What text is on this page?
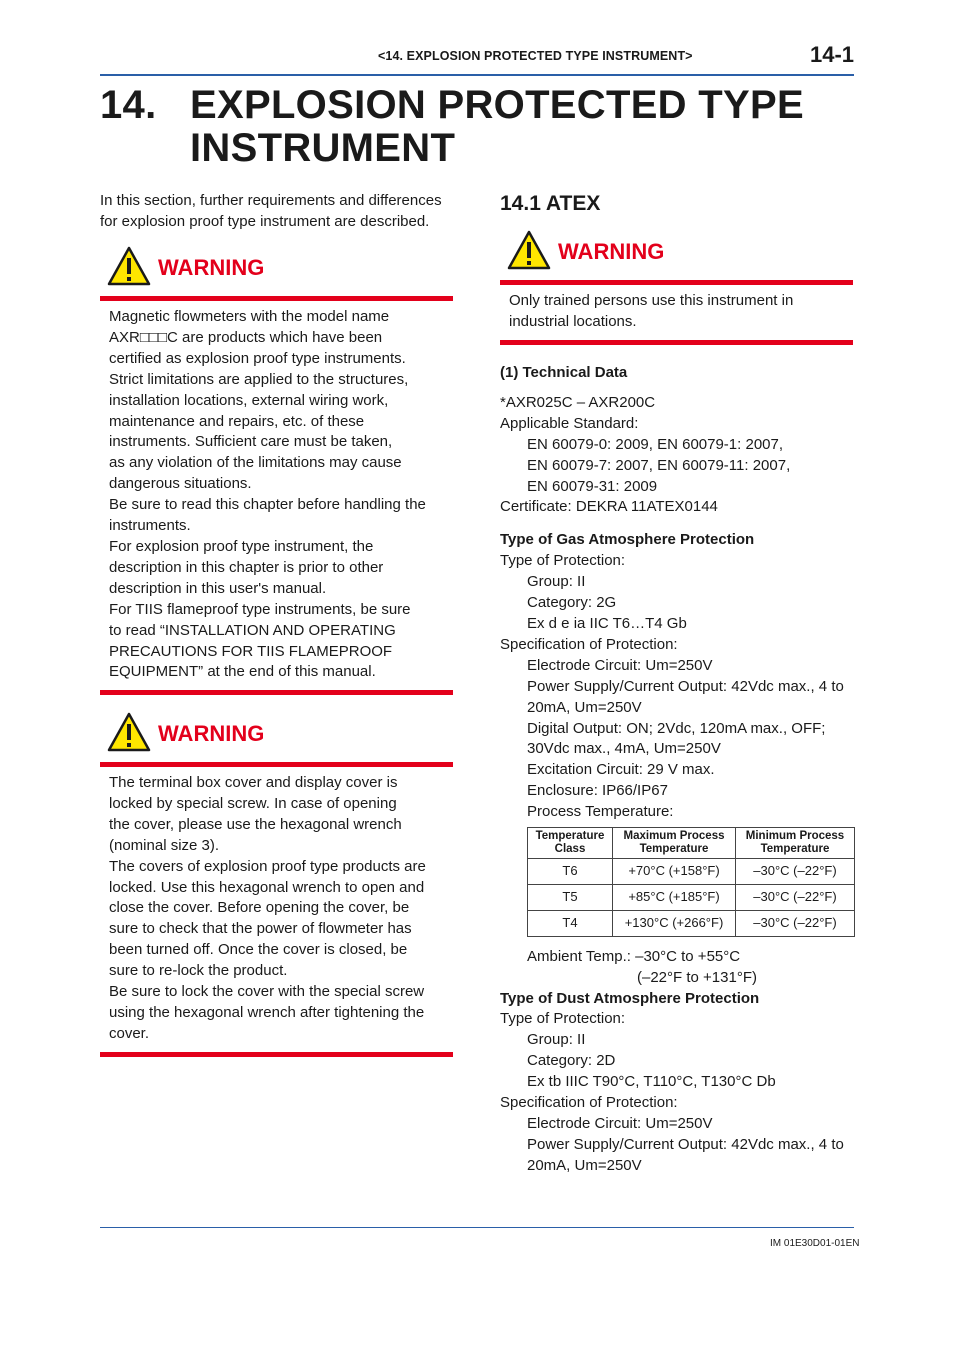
<14. EXPLOSION PROTECTED TYPE INSTRUMENT>	14-1
14. EXPLOSION PROTECTED TYPE INSTRUMENT
In this section, further requirements and differences for explosion proof type instrument are described.
WARNING
Magnetic flowmeters with the model name
AXR□□□C are products which have been
certified as explosion proof type instruments.
Strict limitations are applied to the structures,
installation locations, external wiring work,
maintenance and repairs, etc. of these
instruments. Sufficient care must be taken,
as any violation of the limitations may cause
dangerous situations.
Be sure to read this chapter before handling the
instruments.
For explosion proof type instrument, the
description in this chapter is prior to other
description in this user's manual.
For TIIS flameproof type instruments, be sure
to read “INSTALLATION AND OPERATING
PRECAUTIONS FOR TIIS FLAMEPROOF
EQUIPMENT” at the end of this manual.
WARNING
The terminal box cover and display cover is
locked by special screw. In case of opening
the cover, please use the hexagonal wrench
(nominal size 3).
The covers of explosion proof type products are
locked. Use this hexagonal wrench to open and
close the cover. Before opening the cover, be
sure to check that the power of flowmeter has
been turned off. Once the cover is closed, be
sure to re-lock the product.
Be sure to lock the cover with the special screw
using the hexagonal wrench after tightening the
cover.
14.1 ATEX
WARNING
Only trained persons use this instrument in
industrial locations.
(1) Technical Data
*AXR025C – AXR200C
Applicable Standard:
EN 60079-0: 2009, EN 60079-1: 2007,
EN 60079-7: 2007, EN 60079-11: 2007,
EN 60079-31: 2009
Certificate: DEKRA 11ATEX0144
Type of Gas Atmosphere Protection
Type of Protection:
Group: II
Category: 2G
Ex d e ia IIC T6…T4 Gb
Specification of Protection:
Electrode Circuit: Um=250V
Power Supply/Current Output: 42Vdc max., 4 to
20mA, Um=250V
Digital Output: ON; 2Vdc, 120mA max., OFF;
30Vdc max., 4mA, Um=250V
Excitation Circuit: 29 V max.
Enclosure: IP66/IP67
Process Temperature:
Temperature Class	Maximum Process Temperature	Minimum Process Temperature
T6	+70°C (+158°F)	–30°C (–22°F)
T5	+85°C (+185°F)	–30°C (–22°F)
T4	+130°C (+266°F)	–30°C (–22°F)
Ambient Temp.: –30°C to +55°C
(–22°F to +131°F)
Type of Dust Atmosphere Protection
Type of Protection:
Group: II
Category: 2D
Ex tb IIIC T90°C, T110°C, T130°C Db
Specification of Protection:
Electrode Circuit: Um=250V
Power Supply/Current Output: 42Vdc max., 4 to
20mA, Um=250V
IM 01E30D01-01EN
